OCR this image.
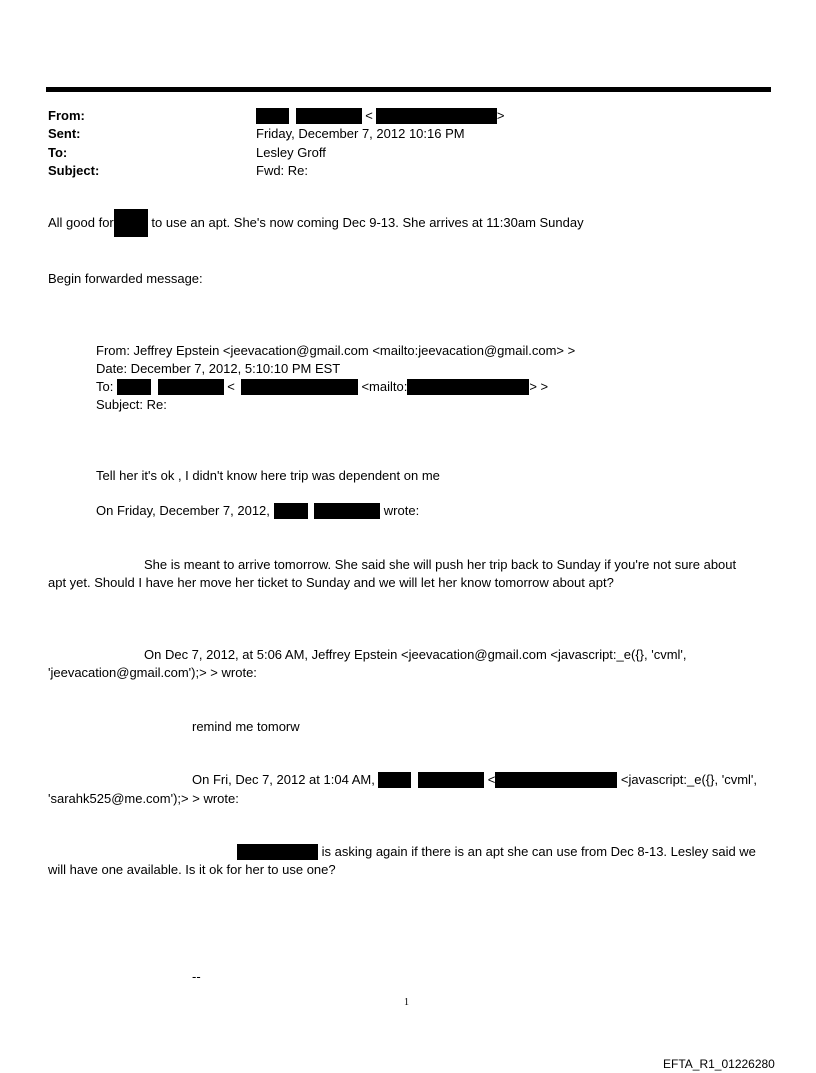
From:	<	>
Sent:	Friday, December 7, 2012 10:16 PM
To:	Lesley Groff
Subject:	Fwd: Re:
All good for	to use an apt. She's now coming Dec 9-13. She arrives at 11:30am Sunday
Begin forwarded message:
From: Jeffrey Epstein <jeevacation@gmail.com <mailto:jeevacation@gmail.com> >
Date: December 7, 2012, 5:10:10 PM EST
To:	<	<mailto:	> >
Subject: Re:
Tell her it's ok , I didn't know here trip was dependent on me
On Friday, December 7, 2012,	wrote:
She is meant to arrive tomorrow. She said she will push her trip back to Sunday if you're not sure about
apt yet. Should I have her move her ticket to Sunday and we will let her know tomorrow about apt?
On Dec 7, 2012, at 5:06 AM, Jeffrey Epstein <jeevacation@gmail.com <javascript:_e({}, 'cvml',
'jeevacation@gmail.com');> > wrote:
remind me tomorw
On Fri, Dec 7, 2012 at 1:04 AM,	<	<javascript:_e({}, 'cvml',
'sarahk525@me.com');> > wrote:
is asking again if there is an apt she can use from Dec 8-13. Lesley said we
will have one available. Is it ok for her to use one?
--
1
EFTA_R1_01226280
